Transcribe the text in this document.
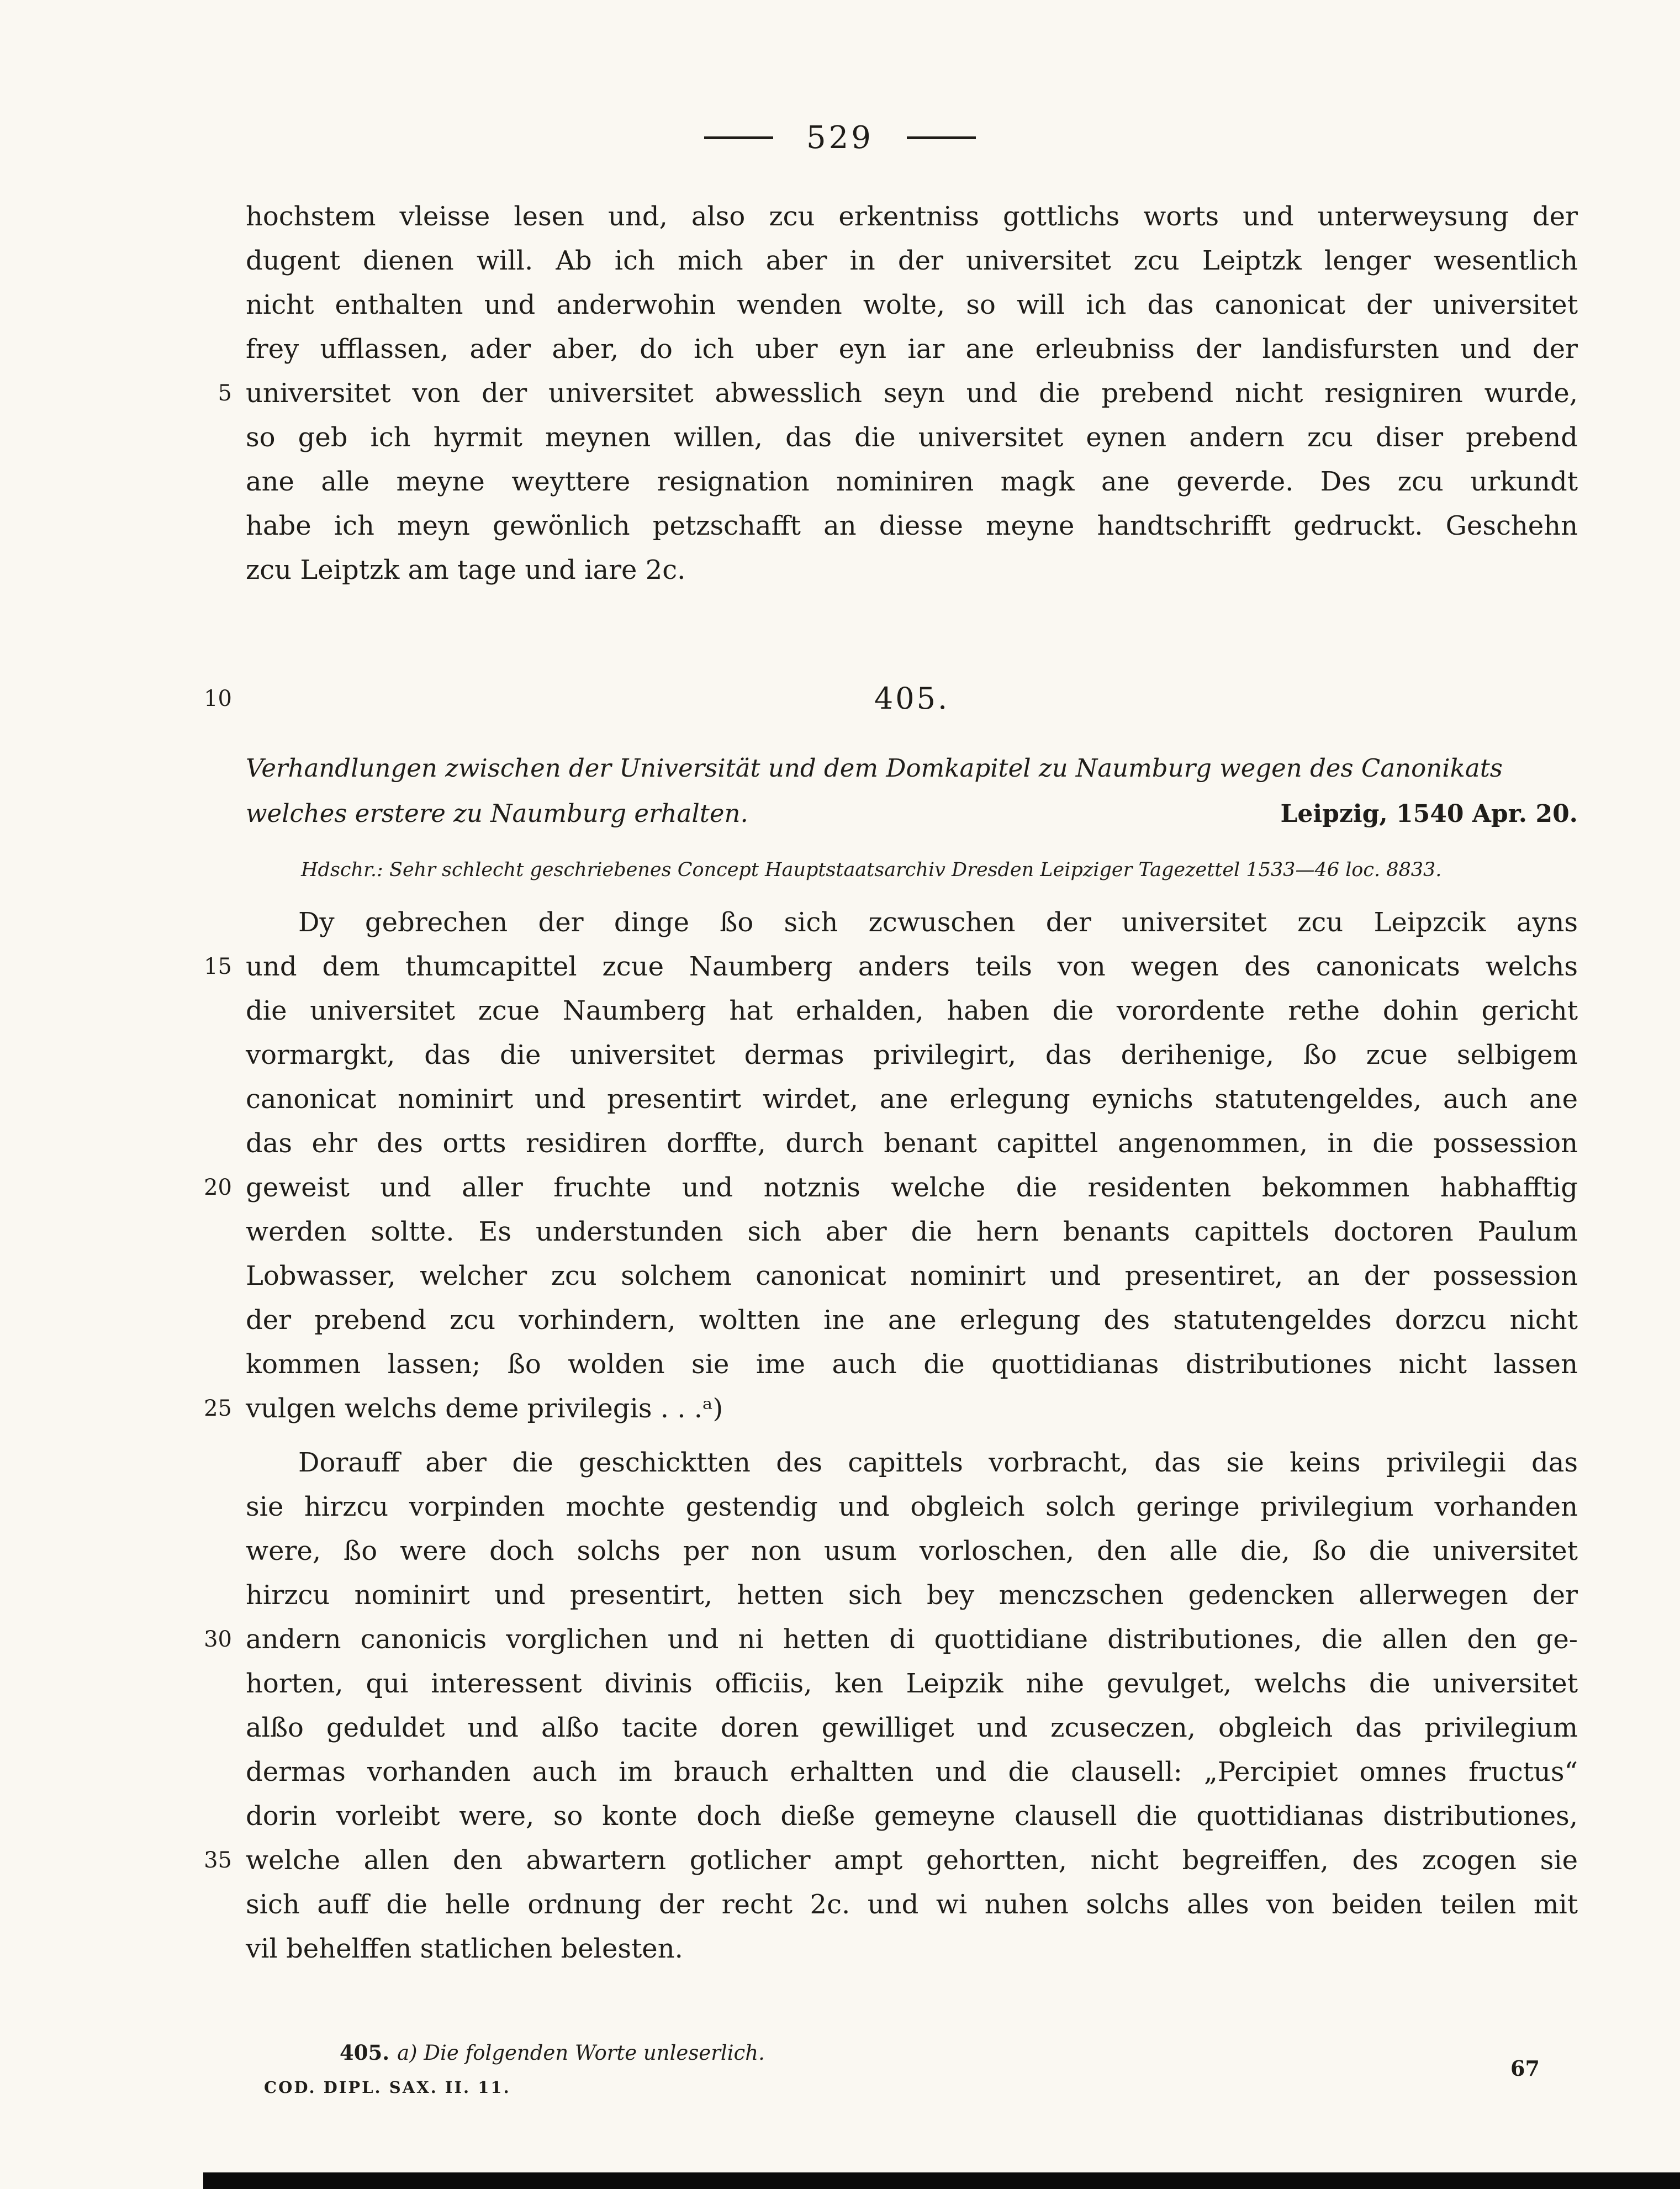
529
5
10
15
20
25
30
35
hochstem vleisse lesen und, also zcu erkentniss gottlichs worts und unterweysung der
dugent dienen will. Ab ich mich aber in der universitet zcu Leiptzk lenger wesentlich
nicht enthalten und anderwohin wenden wolte, so will ich das canonicat der universitet
frey ufflassen, ader aber, do ich uber eyn iar ane erleubniss der landisfursten und der
universitet von der universitet abwesslich seyn und die prebend nicht resigniren wurde,
so geb ich hyrmit meynen willen, das die universitet eynen andern zcu diser prebend
ane alle meyne weyttere resignation nominiren magk ane geverde. Des zcu urkundt
habe ich meyn gewönlich petzschafft an diesse meyne handtschrifft gedruckt. Geschehn
zcu Leiptzk am tage und iare 2c.
405.
Verhandlungen zwischen der Universität und dem Domkapitel zu Naumburg wegen des Canonikats
welches erstere zu Naumburg erhalten.	Leipzig, 1540 Apr. 20.
Hdschr.: Sehr schlecht geschriebenes Concept Hauptstaatsarchiv Dresden Leipziger Tagezettel 1533—46 loc. 8833.
Dy gebrechen der dinge ßo sich zcwuschen der universitet zcu Leipzcik ayns
und dem thumcapittel zcue Naumberg anders teils von wegen des canonicats welchs
die universitet zcue Naumberg hat erhalden, haben die vorordente rethe dohin gericht
vormargkt, das die universitet dermas privilegirt, das derihenige, ßo zcue selbigem
canonicat nominirt und presentirt wirdet, ane erlegung eynichs statutengeldes, auch ane
das ehr des ortts residiren dorffte, durch benant capittel angenommen, in die possession
geweist und aller fruchte und notznis welche die residenten bekommen habhafftig
werden soltte. Es understunden sich aber die hern benants capittels doctoren Paulum
Lobwasser, welcher zcu solchem canonicat nominirt und presentiret, an der possession
der prebend zcu vorhindern, woltten ine ane erlegung des statutengeldes dorzcu nicht
kommen lassen; ßo wolden sie ime auch die quottidianas distributiones nicht lassen
vulgen welchs deme privilegis . . .ᵃ)
Dorauff aber die geschicktten des capittels vorbracht, das sie keins privilegii das
sie hirzcu vorpinden mochte gestendig und obgleich solch geringe privilegium vorhanden
were, ßo were doch solchs per non usum vorloschen, den alle die, ßo die universitet
hirzcu nominirt und presentirt, hetten sich bey menczschen gedencken allerwegen der
andern canonicis vorglichen und ni hetten di quottidiane distributiones, die allen den ge-
horten, qui interessent divinis officiis, ken Leipzik nihe gevulget, welchs die universitet
alßo geduldet und alßo tacite doren gewilliget und zcuseczen, obgleich das privilegium
dermas vorhanden auch im brauch erhaltten und die clausell: „Percipiet omnes fructus“
dorin vorleibt were, so konte doch dieße gemeyne clausell die quottidianas distributiones,
welche allen den abwartern gotlicher ampt gehortten, nicht begreiffen, des zcogen sie
sich auff die helle ordnung der recht 2c. und wi nuhen solchs alles von beiden teilen mit
vil behelffen statlichen belesten.
405. a) Die folgenden Worte unleserlich.
COD. DIPL. SAX. II. 11.
67
